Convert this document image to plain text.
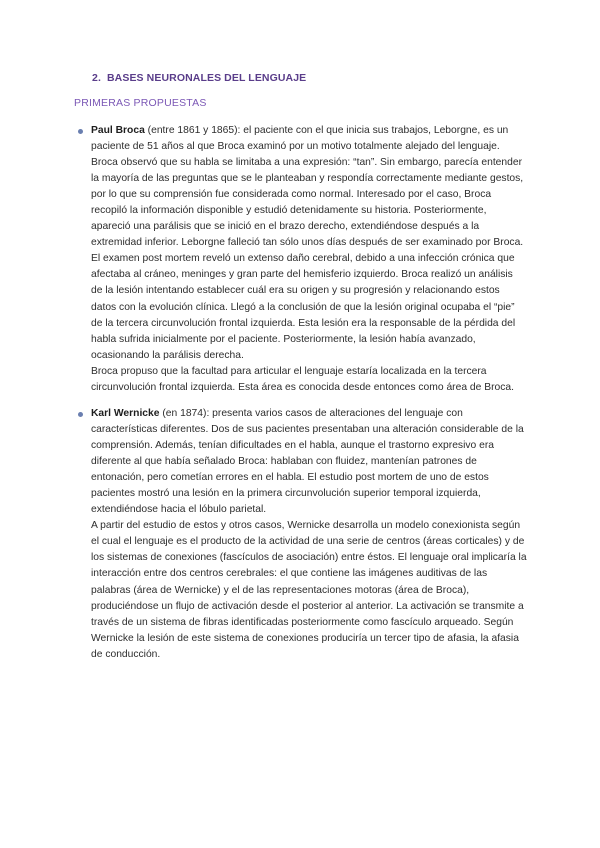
2. BASES NEURONALES DEL LENGUAJE
PRIMERAS PROPUESTAS

Paul Broca (entre 1861 y 1865): el paciente con el que inicia sus trabajos, Leborgne, es un paciente de 51 años al que Broca examinó por un motivo totalmente alejado del lenguaje. Broca observó que su habla se limitaba a una expresión: “tan”. Sin embargo, parecía entender la mayoría de las preguntas que se le planteaban y respondía correctamente mediante gestos, por lo que su comprensión fue considerada como normal. Interesado por el caso, Broca recopiló la información disponible y estudió detenidamente su historia. Posteriormente, apareció una parálisis que se inició en el brazo derecho, extendiéndose después a la extremidad inferior. Leborgne falleció tan sólo unos días después de ser examinado por Broca. El examen post mortem reveló un extenso daño cerebral, debido a una infección crónica que afectaba al cráneo, meninges y gran parte del hemisferio izquierdo. Broca realizó un análisis de la lesión intentando establecer cuál era su origen y su progresión y relacionando estos datos con la evolución clínica. Llegó a la conclusión de que la lesión original ocupaba el “pie” de la tercera circunvolución frontal izquierda. Esta lesión era la responsable de la pérdida del habla sufrida inicialmente por el paciente. Posteriormente, la lesión había avanzado, ocasionando la parálisis derecha.

Broca propuso que la facultad para articular el lenguaje estaría localizada en la tercera circunvolución frontal izquierda. Esta área es conocida desde entonces como área de Broca.

Karl Wernicke (en 1874): presenta varios casos de alteraciones del lenguaje con características diferentes. Dos de sus pacientes presentaban una alteración considerable de la comprensión. Además, tenían dificultades en el habla, aunque el trastorno expresivo era diferente al que había señalado Broca: hablaban con fluidez, mantenían patrones de entonación, pero cometían errores en el habla. El estudio post mortem de uno de estos pacientes mostró una lesión en la primera circunvolución superior temporal izquierda, extendiéndose hacia el lóbulo parietal.

A partir del estudio de estos y otros casos, Wernicke desarrolla un modelo conexionista según el cual el lenguaje es el producto de la actividad de una serie de centros (áreas corticales) y de los sistemas de conexiones (fascículos de asociación) entre éstos. El lenguaje oral implicaría la interacción entre dos centros cerebrales: el que contiene las imágenes auditivas de las palabras (área de Wernicke) y el de las representaciones motoras (área de Broca), produciéndose un flujo de activación desde el posterior al anterior. La activación se transmite a través de un sistema de fibras identificadas posteriormente como fascículo arqueado. Según Wernicke la lesión de este sistema de conexiones produciría un tercer tipo de afasia, la afasia de conducción.
